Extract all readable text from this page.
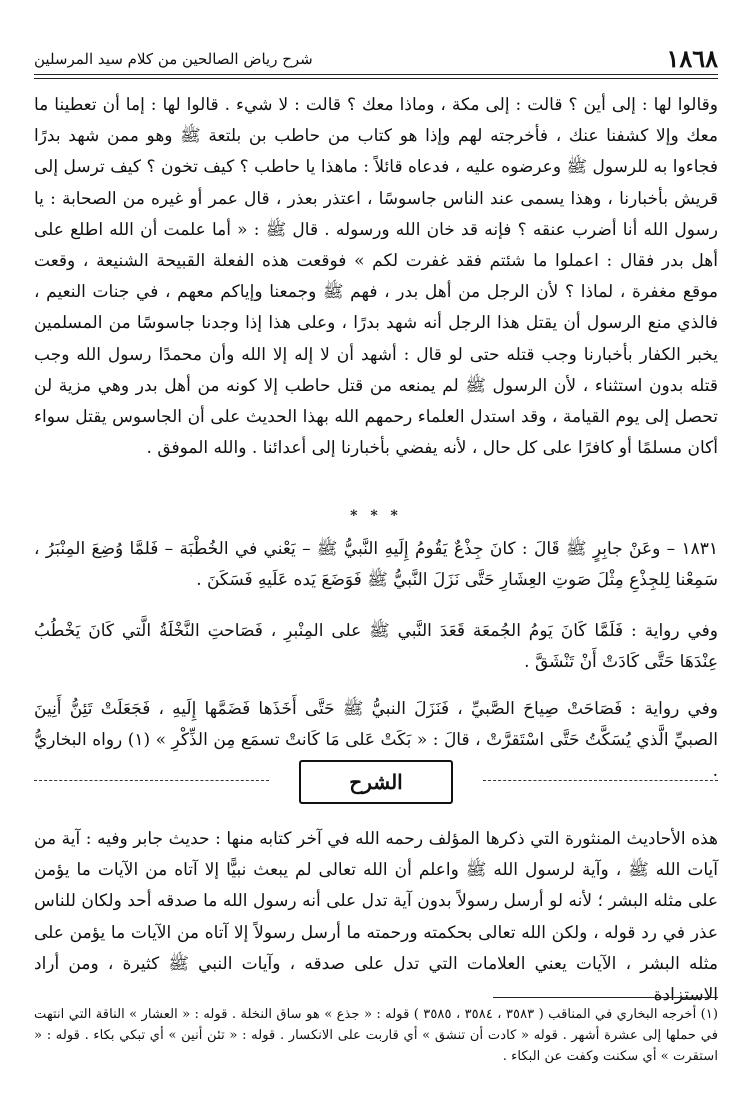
١٨٦٨
شرح رياض الصالحين من كلام سيد المرسلين

وقالوا لها : إلى أين ؟ قالت : إلى مكة ، وماذا معك ؟ قالت : لا شيء . قالوا لها : إما أن تعطينا ما معك وإلا كشفنا عنك ، فأخرجته لهم وإذا هو كتاب من حاطب بن بلتعة ﷺ وهو ممن شهد بدرًا فجاءوا به للرسول ﷺ وعرضوه عليه ، فدعاه قائلاً : ماهذا يا حاطب ؟ كيف تخون ؟ كيف ترسل إلى قريش بأخبارنا ، وهذا يسمى عند الناس جاسوسًا ، اعتذر بعذر ، قال عمر أو غيره من الصحابة : يا رسول الله أنا أضرب عنقه ؟ فإنه قد خان الله ورسوله . قال ﷺ : « أما علمت أن الله اطلع على أهل بدر فقال : اعملوا ما شئتم فقد غفرت لكم » فوقعت هذه الفعلة القبيحة الشنيعة ، وقعت موقع مغفرة ، لماذا ؟ لأن الرجل من أهل بدر ، فهم ﷺ وجمعنا وإياكم معهم ، في جنات النعيم ، فالذي منع الرسول أن يقتل هذا الرجل أنه شهد بدرًا ، وعلى هذا إذا وجدنا جاسوسًا من المسلمين يخبر الكفار بأخبارنا وجب قتله حتى لو قال : أشهد أن لا إله إلا الله وأن محمدًا رسول الله وجب قتله بدون استثناء ، لأن الرسول ﷺ لم يمنعه من قتل حاطب إلا كونه من أهل بدر وهي مزية لن تحصل إلى يوم القيامة ، وقد استدل العلماء رحمهم الله بهذا الحديث على أن الجاسوس يقتل سواء أكان مسلمًا أو كافرًا على كل حال ، لأنه يفضي بأخبارنا إلى أعدائنا . والله الموفق .

* * *

١٨٣١ – وعَنْ جابِرٍ ﷺ قَالَ : كانَ جِذْعٌ يَقُومُ إِلَيهِ النَّبيُّ ﷺ – يَعْني في الخُطْبَة – فَلمَّا وُضِعَ المِنْبَرُ ، سَمِعْنا لِلجِذْعِ مِثْلَ صَوتِ العِشَارِ حَتَّى نَزَلَ النَّبيُّ ﷺ فَوَضَعَ يَده عَلَيهِ فَسَكَنَ .

وفي رواية : فَلَمَّا كَانَ يَومُ الجُمعَة قَعَدَ النَّبي ﷺ على المِنْبرِ ، فَصَاحتِ النَّخْلَةُ الَّتي كَانَ يَخْطُبُ عِنْدَهَا حَتَّى كَادَتْ أَنْ تَنْشَقَّ .

وفي رواية : فَصَاحَتْ صِياحَ الصَّبيِّ ، فَنَزَلَ النبيُّ ﷺ حَتَّى أَخَذَها فَضَمَّها إِلَيهِ ، فَجَعَلَتْ تَئِنُّ أَنِينَ الصبيِّ الَّذي يُسَكَّتُ حَتَّى اسْتَقرَّتْ ، قالَ : « بَكَتْ عَلى مَا كَانتْ تسمَع مِن الذِّكْرِ » (١) رواه البخاريُّ .

الشرح

هذه الأحاديث المنثورة التي ذكرها المؤلف رحمه الله في آخر كتابه منها : حديث جابر وفيه : آية من آيات الله ﷺ ، وآية لرسول الله ﷺ واعلم أن الله تعالى لم يبعث نبيًّا إلا آتاه من الآيات ما يؤمن على مثله البشر ؛ لأنه لو أرسل رسولاً بدون آية تدل على أنه رسول الله ما صدقه أحد ولكان للناس عذر في رد قوله ، ولكن الله تعالى بحكمته ورحمته ما أرسل رسولاً إلا آتاه من الآيات ما يؤمن على مثله البشر ، الآيات يعني العلامات التي تدل على صدقه ، وآيات النبي ﷺ كثيرة ، ومن أراد الاستزادة

(١) أخرجه البخاري في المناقب ( ٣٥٨٣ ، ٣٥٨٤ ، ٣٥٨٥ ) قوله : « جذع » هو ساق النخلة . قوله : « العشار » الناقة التي انتهت في حملها إلى عشرة أشهر . قوله « كادت أن تنشق » أي قاربت على الانكسار . قوله : « تئن أنين » أي تبكي بكاء . قوله : « استقرت » أي سكنت وكفت عن البكاء .
